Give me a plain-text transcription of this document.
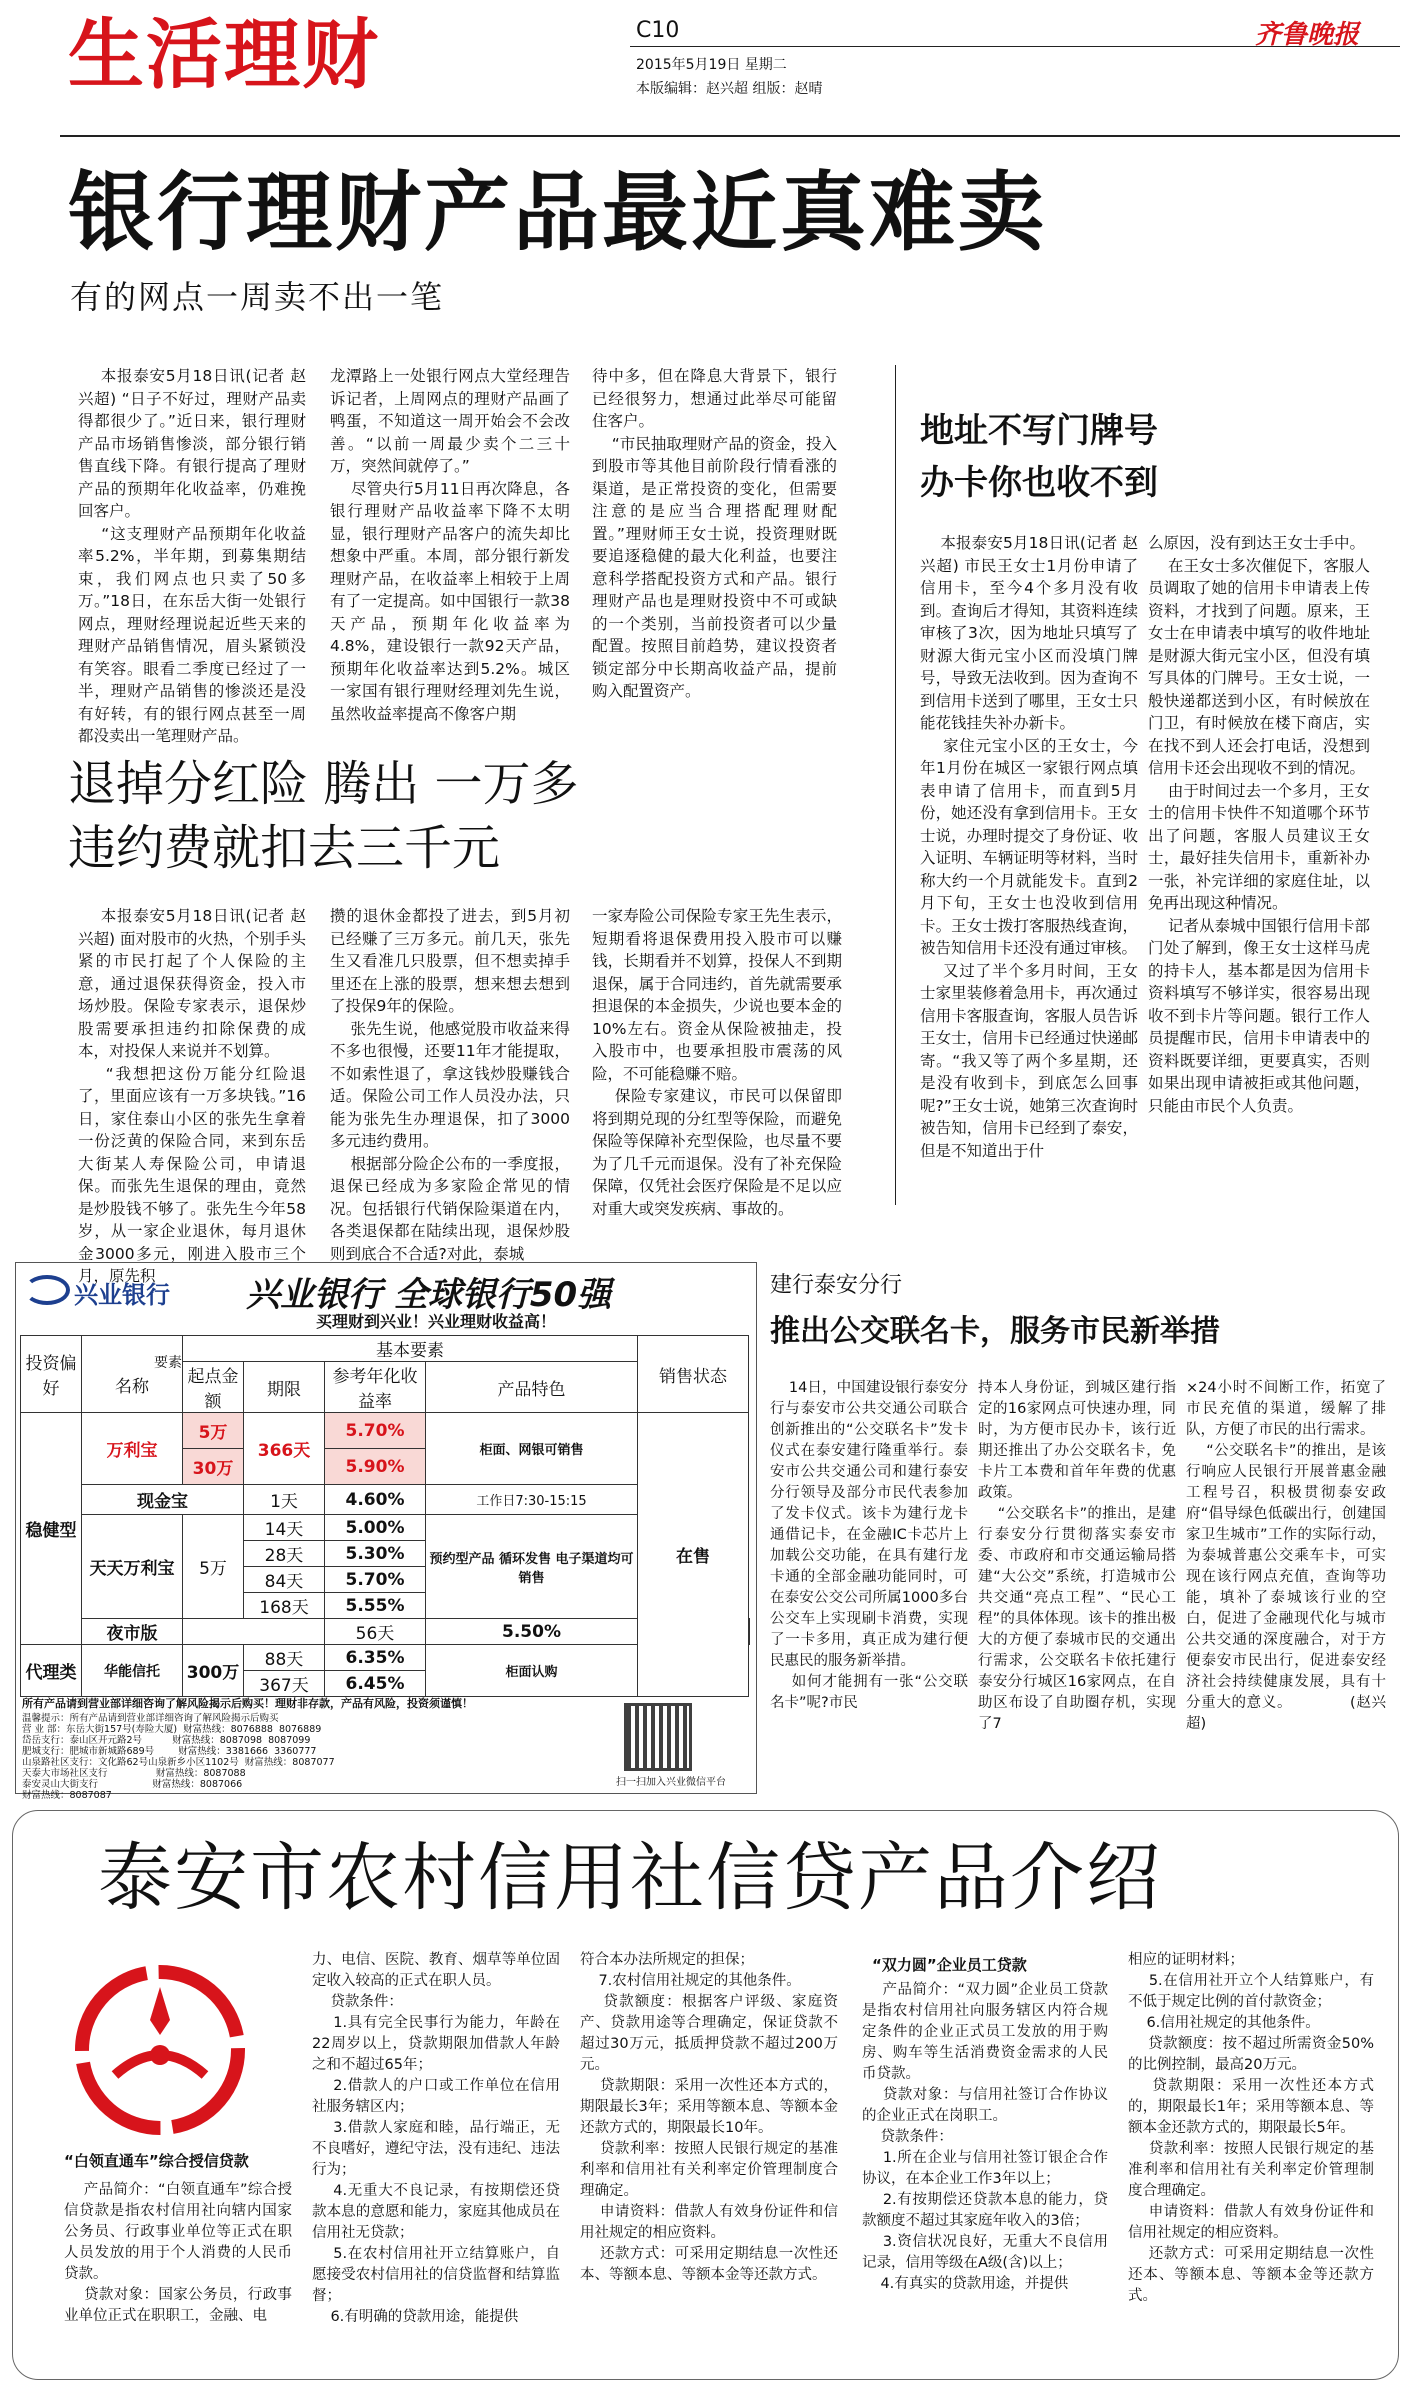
生活理财	C10
2015年5月19日 星期二
本版编辑：赵兴超 组版：赵晴
齐鲁晚报
银行理财产品最近真难卖
有的网点一周卖不出一笔
本报泰安5月18日讯(记者 赵兴超) “日子不好过，理财产品卖得都很少了。”近日来，银行理财产品市场销售惨淡，部分银行销售直线下降。有银行提高了理财产品的预期年化收益率，仍难挽回客户。
“这支理财产品预期年化收益率5.2%，半年期，到募集期结束，我们网点也只卖了50多万。”18日，在东岳大街一处银行网点，理财经理说起近些天来的理财产品销售情况，眉头紧锁没有笑容。眼看二季度已经过了一半，理财产品销售的惨淡还是没有好转，有的银行网点甚至一周都没卖出一笔理财产品。
龙潭路上一处银行网点大堂经理告诉记者，上周网点的理财产品画了鸭蛋，不知道这一周开始会不会改善。“以前一周最少卖个二三十万，突然间就停了。”
尽管央行5月11日再次降息，各银行理财产品收益率下降不太明显，银行理财产品客户的流失却比想象中严重。本周，部分银行新发理财产品，在收益率上相较于上周有了一定提高。如中国银行一款38天产品，预期年化收益率为4.8%，建设银行一款92天产品，预期年化收益率达到5.2%。城区一家国有银行理财经理刘先生说，虽然收益率提高不像客户期
待中多，但在降息大背景下，银行已经很努力，想通过此举尽可能留住客户。
“市民抽取理财产品的资金，投入到股市等其他目前阶段行情看涨的渠道，是正常投资的变化，但需要注意的是应当合理搭配理财配置。”理财师王女士说，投资理财既要追逐稳健的最大化利益，也要注意科学搭配投资方式和产品。银行理财产品也是理财投资中不可或缺的一个类别，当前投资者可以少量配置。按照目前趋势，建议投资者锁定部分中长期高收益产品，提前购入配置资产。
地址不写门牌号
办卡你也收不到
本报泰安5月18日讯(记者 赵兴超) 市民王女士1月份申请了信用卡，至今4个多月没有收到。查询后才得知，其资料连续审核了3次，因为地址只填写了财源大街元宝小区而没填门牌号，导致无法收到。因为查询不到信用卡送到了哪里，王女士只能花钱挂失补办新卡。
家住元宝小区的王女士，今年1月份在城区一家银行网点填表申请了信用卡，而直到5月份，她还没有拿到信用卡。王女士说，办理时提交了身份证、收入证明、车辆证明等材料，当时称大约一个月就能发卡。直到2月下旬，王女士也没收到信用卡。王女士拨打客服热线查询，被告知信用卡还没有通过审核。
又过了半个多月时间，王女士家里装修着急用卡，再次通过信用卡客服查询，客服人员告诉王女士，信用卡已经通过快递邮寄。“我又等了两个多星期，还是没有收到卡，到底怎么回事呢?”王女士说，她第三次查询时被告知，信用卡已经到了泰安，但是不知道出于什
么原因，没有到达王女士手中。
在王女士多次催促下，客服人员调取了她的信用卡申请表上传资料，才找到了问题。原来，王女士在申请表中填写的收件地址是财源大街元宝小区，但没有填写具体的门牌号。王女士说，一般快递都送到小区，有时候放在门卫，有时候放在楼下商店，实在找不到人还会打电话，没想到信用卡还会出现收不到的情况。
由于时间过去一个多月，王女士的信用卡快件不知道哪个环节出了问题，客服人员建议王女士，最好挂失信用卡，重新补办一张，补完详细的家庭住址，以免再出现这种情况。
记者从泰城中国银行信用卡部门处了解到，像王女士这样马虎的持卡人，基本都是因为信用卡资料填写不够详实，很容易出现收不到卡片等问题。银行工作人员提醒市民，信用卡申请表中的资料既要详细，更要真实，否则如果出现申请被拒或其他问题，只能由市民个人负责。
退掉分红险 腾出 一万多
违约费就扣去三千元
本报泰安5月18日讯(记者 赵兴超) 面对股市的火热，个别手头紧的市民打起了个人保险的主意，通过退保获得资金，投入市场炒股。保险专家表示，退保炒股需要承担违约扣除保费的成本，对投保人来说并不划算。
“我想把这份万能分红险退了，里面应该有一万多块钱。”16日，家住泰山小区的张先生拿着一份泛黄的保险合同，来到东岳大街某人寿保险公司，申请退保。而张先生退保的理由，竟然是炒股钱不够了。张先生今年58岁，从一家企业退休，每月退休金3000多元，刚进入股市三个月，原先积
攒的退休金都投了进去，到5月初已经赚了三万多元。前几天，张先生又看准几只股票，但不想卖掉手里还在上涨的股票，想来想去想到了投保9年的保险。
张先生说，他感觉股市收益来得不多也很慢，还要11年才能提取，不如索性退了，拿这钱炒股赚钱合适。保险公司工作人员没办法，只能为张先生办理退保，扣了3000多元违约费用。
根据部分险企公布的一季度报，退保已经成为多家险企常见的情况。包括银行代销保险渠道在内，各类退保都在陆续出现，退保炒股则到底合不合适?对此，泰城
一家寿险公司保险专家王先生表示，短期看将退保费用投入股市可以赚钱，长期看并不划算，投保人不到期退保，属于合同违约，首先就需要承担退保的本金损失，少说也要本金的10%左右。资金从保险被抽走，投入股市中，也要承担股市震荡的风险，不可能稳赚不赔。
保险专家建议，市民可以保留即将到期兑现的分红型等保险，而避免保险等保障补充型保险，也尽量不要为了几千元而退保。没有了补充保险保障，仅凭社会医疗保险是不足以应对重大或突发疾病、事故的。
兴业银行 兴业银行 全球银行50强
买理财到兴业！兴业理财收益高！
投资偏好	要素
名称	基本要素				销售状态	
		起点金额	期限	参考年化收益率	产品特色		
稳健型	万利宝	5万	366天	5.70%	柜面、网银可销售	在售	
		30万		5.90%			
	现金宝		1天	4.60%	工作日7:30-15:15		
	天天万利宝	5万	14天	5.00%	预约型产品 循环发售 电子渠道均可销售		
			28天	5.30%			
			84天	5.70%			
			168天	5.55%			
	夜市版			56天	5.50%		
代理类	华能信托	300万	88天	6.35%	柜面认购		
			367天	6.45%			
所有产品请到营业部详细咨询了解风险揭示后购买！理财非存款，产品有风险，投资须谨慎！
温馨提示：所有产品请到营业部详细咨询了解风险揭示后购买
营 业 部：东岳大街157号(寿险大厦)  财富热线：8076888  8076889
岱岳支行：泰山区开元路2号          财富热线：8087098  8087099
肥城支行：肥城市新城路689号        财富热线：3381666  3360777
山泉路社区支行：文化路62号山泉新乡小区1102号  财富热线：8087077
天泰大市场社区支行                财富热线：8087088
泰安灵山大街支行                  财富热线：8087066
财富热线：8087087
扫一扫加入兴业微信平台
建行泰安分行
推出公交联名卡，服务市民新举措
14日，中国建设银行泰安分行与泰安市公共交通公司联合创新推出的“公交联名卡”发卡仪式在泰安建行隆重举行。泰安市公共交通公司和建行泰安分行领导及部分市民代表参加了发卡仪式。该卡为建行龙卡通借记卡，在金融IC卡芯片上加载公交功能，在具有建行龙卡通的全部金融功能同时，可在泰安公交公司所属1000多台公交车上实现刷卡消费，实现了一卡多用，真正成为建行便民惠民的服务新举措。
如何才能拥有一张“公交联名卡”呢?市民
持本人身份证，到城区建行指定的16家网点可快速办理，同时，为方便市民办卡，该行近期还推出了办公交联名卡，免卡片工本费和首年年费的优惠政策。
“公交联名卡”的推出，是建行泰安分行贯彻落实泰安市委、市政府和市交通运输局搭建“大公交”系统，打造城市公共交通“亮点工程”、“民心工程”的具体体现。该卡的推出极大的方便了泰城市民的交通出行需求，公交联名卡依托建行泰安分行城区16家网点，在自助区布设了自助圈存机，实现了7
×24小时不间断工作，拓宽了市民充值的渠道，缓解了排队，方便了市民的出行需求。
“公交联名卡”的推出，是该行响应人民银行开展普惠金融工程号召，积极贯彻泰安政府“倡导绿色低碳出行，创建国家卫生城市”工作的实际行动，为泰城普惠公交乘车卡，可实现在该行网点充值，查询等功能，填补了泰城该行业的空白，促进了金融现代化与城市公共交通的深度融合，对于方便泰安市民出行，促进泰安经济社会持续健康发展，具有十分重大的意义。           (赵兴超)
泰安市农村信用社信贷产品介绍
“白领直通车”综合授信贷款
产品简介：“白领直通车”综合授信贷款是指农村信用社向辖内国家公务员、行政事业单位等正式在职人员发放的用于个人消费的人民币贷款。
贷款对象：国家公务员，行政事业单位正式在职职工，金融、电
力、电信、医院、教育、烟草等单位固定收入较高的正式在职人员。
贷款条件：
1.具有完全民事行为能力，年龄在22周岁以上，贷款期限加借款人年龄之和不超过65年；
2.借款人的户口或工作单位在信用社服务辖区内；
3.借款人家庭和睦，品行端正，无不良嗜好，遵纪守法，没有违纪、违法行为；
4.无重大不良记录，有按期偿还贷款本息的意愿和能力，家庭其他成员在信用社无贷款；
5.在农村信用社开立结算账户，自愿接受农村信用社的信贷监督和结算监督；
6.有明确的贷款用途，能提供
符合本办法所规定的担保；
7.农村信用社规定的其他条件。
贷款额度：根据客户评级、家庭资产、贷款用途等合理确定，保证贷款不超过30万元，抵质押贷款不超过200万元。
贷款期限：采用一次性还本方式的，期限最长3年；采用等额本息、等额本金还款方式的，期限最长10年。
贷款利率：按照人民银行规定的基准利率和信用社有关利率定价管理制度合理确定。
申请资料：借款人有效身份证件和信用社规定的相应资料。
还款方式：可采用定期结息一次性还本、等额本息、等额本金等还款方式。
“双力圆”企业员工贷款
产品简介：“双力圆”企业员工贷款是指农村信用社向服务辖区内符合规定条件的企业正式员工发放的用于购房、购车等生活消费资金需求的人民币贷款。
贷款对象：与信用社签订合作协议的企业正式在岗职工。
贷款条件：
1.所在企业与信用社签订银企合作协议，在本企业工作3年以上；
2.有按期偿还贷款本息的能力，贷款额度不超过其家庭年收入的3倍；
3.资信状况良好，无重大不良信用记录，信用等级在A级(含)以上；
4.有真实的贷款用途，并提供
相应的证明材料；
5.在信用社开立个人结算账户，有不低于规定比例的首付款资金；
6.信用社规定的其他条件。
贷款额度：按不超过所需资金50%的比例控制，最高20万元。
贷款期限：采用一次性还本方式的，期限最长1年；采用等额本息、等额本金还款方式的，期限最长5年。
贷款利率：按照人民银行规定的基准利率和信用社有关利率定价管理制度合理确定。
申请资料：借款人有效身份证件和信用社规定的相应资料。
还款方式：可采用定期结息一次性还本、等额本息、等额本金等还款方式。
